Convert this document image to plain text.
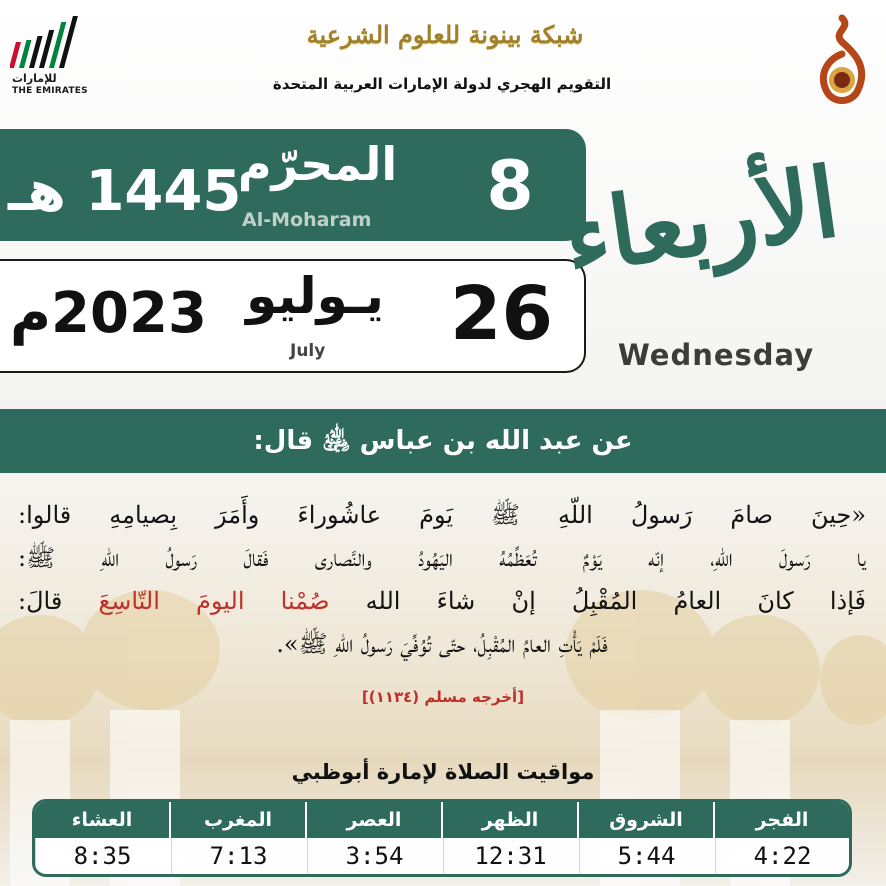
للإمارات
THE EMIRATES
شبكة بينونة للعلوم الشرعية
التقويم الهجري لدولة الإمارات العربية المتحدة
1445 هـ
المحرّم
Al-Moharam 8
2023م يـوليو
July 26
الأربعاء
Wednesday
عن عبد الله بن عباس ﵁ قال:
«حِينَ صامَ رَسولُ اللّهِ ﷺ يَومَ عاشُوراءَ وأَمَرَ بِصيامِهِ قالوا:
يا رَسولَ اللّهِ، إنّه يَوْمٌ تُعَظِّمُهُ اليَهُودُ والنَّصارى فَقالَ رَسولُ اللّهِ ﷺ:
فَإذا كانَ العامُ المُقْبِلُ إنْ شاءَ الله صُمْنا اليومَ التّاسِعَ قالَ:
فَلَمْ يَأْتِ العامُ المُقْبِلُ، حتّى تُوُفِّيَ رَسولُ اللّهِ ﷺ».
[أخرجه مسلم (١١٣٤)]
مواقيت الصلاة لإمارة أبوظبي
الفجر
4:22
الشروق
5:44
الظهر
12:31
العصر
3:54
المغرب
7:13
العشاء
8:35
